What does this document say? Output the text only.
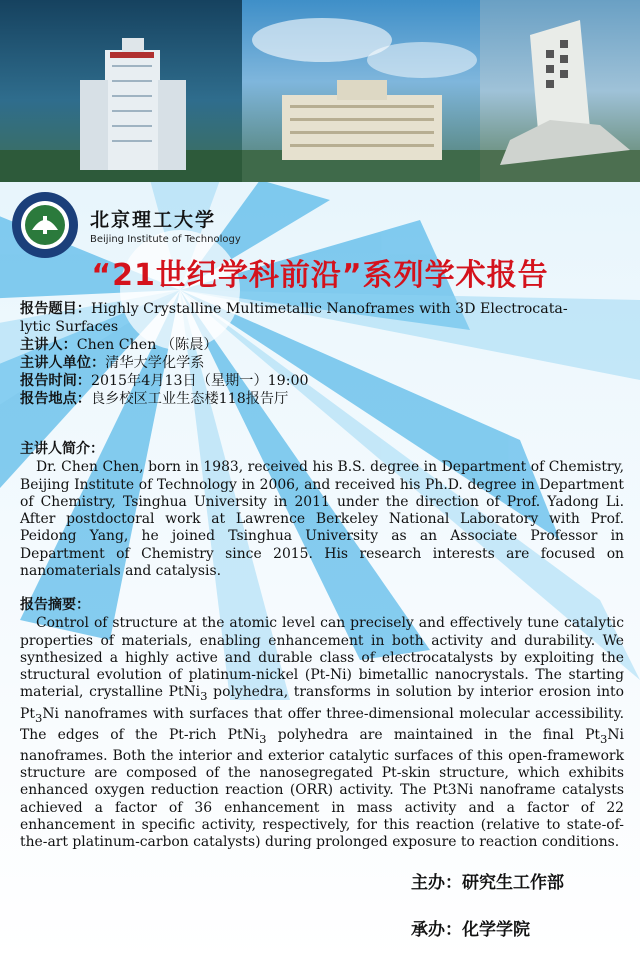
北京理工大学
Beijing Institute of Technology
“21世纪学科前沿”系列学术报告
报告题目：Highly Crystalline Multimetallic Nanoframes with 3D Electrocata-
lytic Surfaces
主讲人：Chen Chen （陈晨）
主讲人单位：清华大学化学系
报告时间：2015年4月13日（星期一）19:00
报告地点：良乡校区工业生态楼118报告厅
主讲人简介：

Dr. Chen Chen, born in 1983, received his B.S. degree in Department of Chemistry, Beijing Institute of Technology in 2006, and received his Ph.D. degree in Department of Chemistry, Tsinghua University in 2011 under the direction of Prof. Yadong Li. After postdoctoral work at Lawrence Berkeley National Laboratory with Prof. Peidong Yang, he joined Tsinghua University as an Associate Professor in Department of Chemistry since 2015. His research interests are focused on nanomaterials and catalysis.

报告摘要：

Control of structure at the atomic level can precisely and effectively tune catalytic properties of materials, enabling enhancement in both activity and durability. We synthesized a highly active and durable class of electrocatalysts by exploiting the structural evolution of platinum-nickel (Pt-Ni) bimetallic nanocrystals. The starting material, crystalline PtNi$_3$ polyhedra, transforms in solution by interior erosion into $Pt_3Ni$ nanoframes with surfaces that offer three-dimensional molecular accessibility. The edges of the Pt-rich PtNi$_3$ polyhedra are maintained in the final $Pt_3Ni$ nanoframes. Both the interior and exterior catalytic surfaces of this open-framework structure are composed of the nanosegregated Pt-skin structure, which exhibits enhanced oxygen reduction reaction (ORR) activity. The Pt3Ni nanoframe catalysts achieved a factor of 36 enhancement in mass activity and a factor of 22 enhancement in specific activity, respectively, for this reaction (relative to state-of-the-art platinum-carbon catalysts) during prolonged exposure to reaction conditions.

主办：研究生工作部
承办：化学学院
